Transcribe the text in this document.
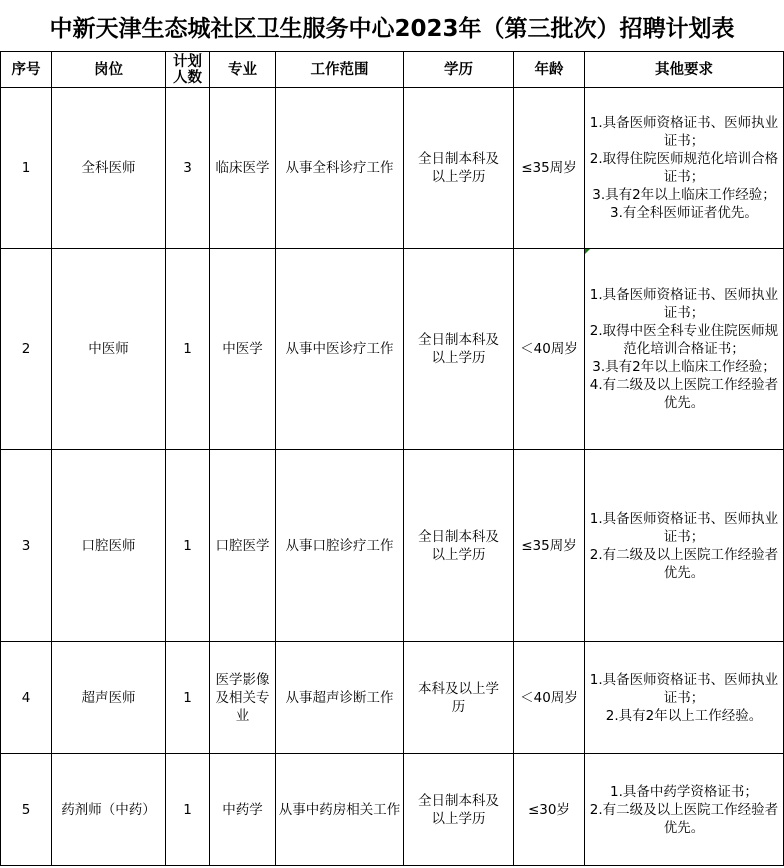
中新天津生态城社区卫生服务中心2023年（第三批次）招聘计划表
序号	岗位	计划人数	专业	工作范围	学历	年龄	其他要求
1	全科医师	3	临床医学	从事全科诊疗工作	全日制本科及以上学历	≤35周岁	1.具备医师资格证书、医师执业证书；
2.取得住院医师规范化培训合格证书；
3.具有2年以上临床工作经验；
3.有全科医师证者优先。

2	中医师	1	中医学	从事中医诊疗工作	全日制本科及以上学历	＜40周岁	1.具备医师资格证书、医师执业证书；
2.取得中医全科专业住院医师规范化培训合格证书；
3.具有2年以上临床工作经验；
4.有二级及以上医院工作经验者优先。

3	口腔医师	1	口腔医学	从事口腔诊疗工作	全日制本科及以上学历	≤35周岁	1.具备医师资格证书、医师执业证书；
2.有二级及以上医院工作经验者优先。

4	超声医师	1	医学影像及相关专业	从事超声诊断工作	本科及以上学历	＜40周岁	1.具备医师资格证书、医师执业证书；
2.具有2年以上工作经验。

5	药剂师（中药）	1	中药学	从事中药房相关工作	全日制本科及以上学历	≤30岁	1.具备中药学资格证书；
2.有二级及以上医院工作经验者优先。
